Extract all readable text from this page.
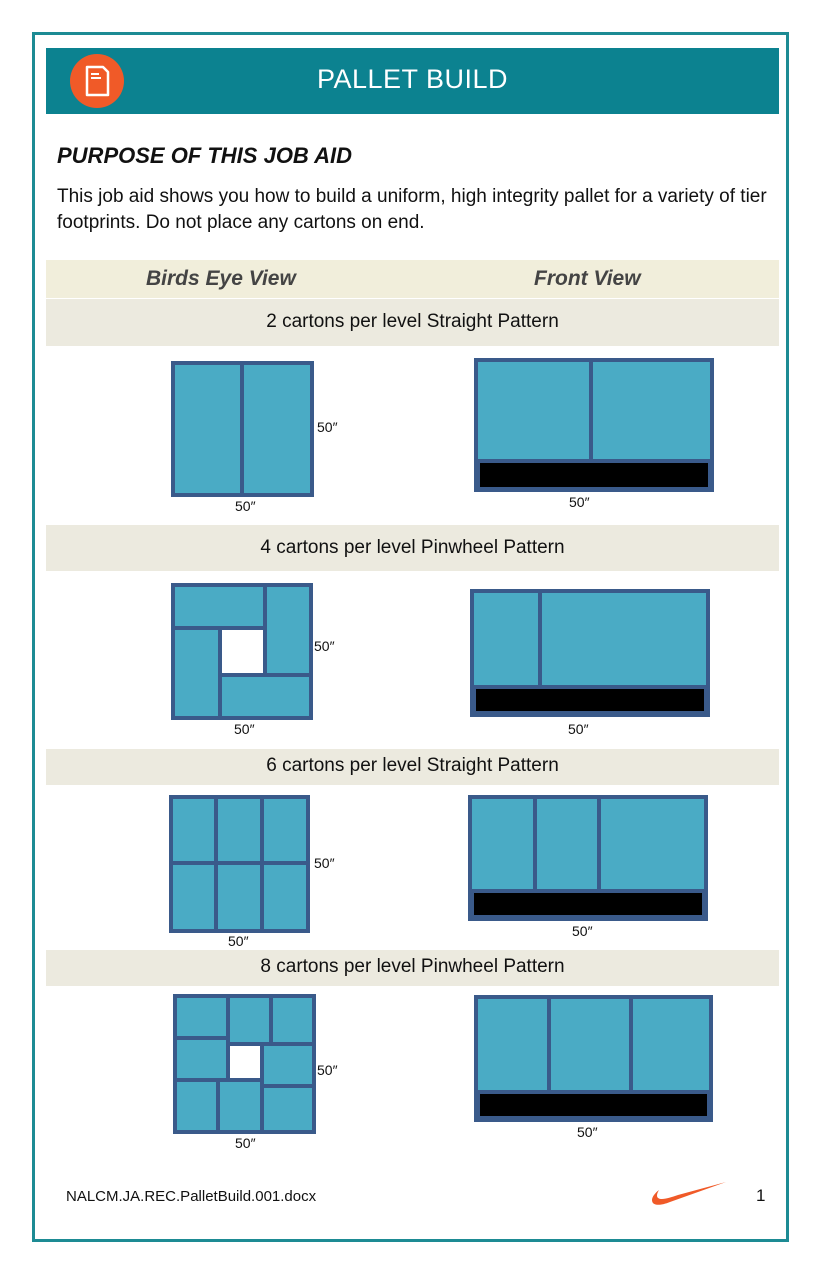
PALLET BUILD
PURPOSE OF THIS JOB AID
This job aid shows you how to build a uniform, high integrity pallet for a variety of tier footprints. Do not place any cartons on end.
Birds Eye View	Front View
2 cartons per level Straight Pattern
4 cartons per level Pinwheel Pattern
6 cartons per level Straight Pattern
8 cartons per level Pinwheel Pattern
50″
50″	50″
50″
50″	50″
50″
50″
50″
50″
50″
50″
NALCM.JA.REC.PalletBuild.001.docx	1
